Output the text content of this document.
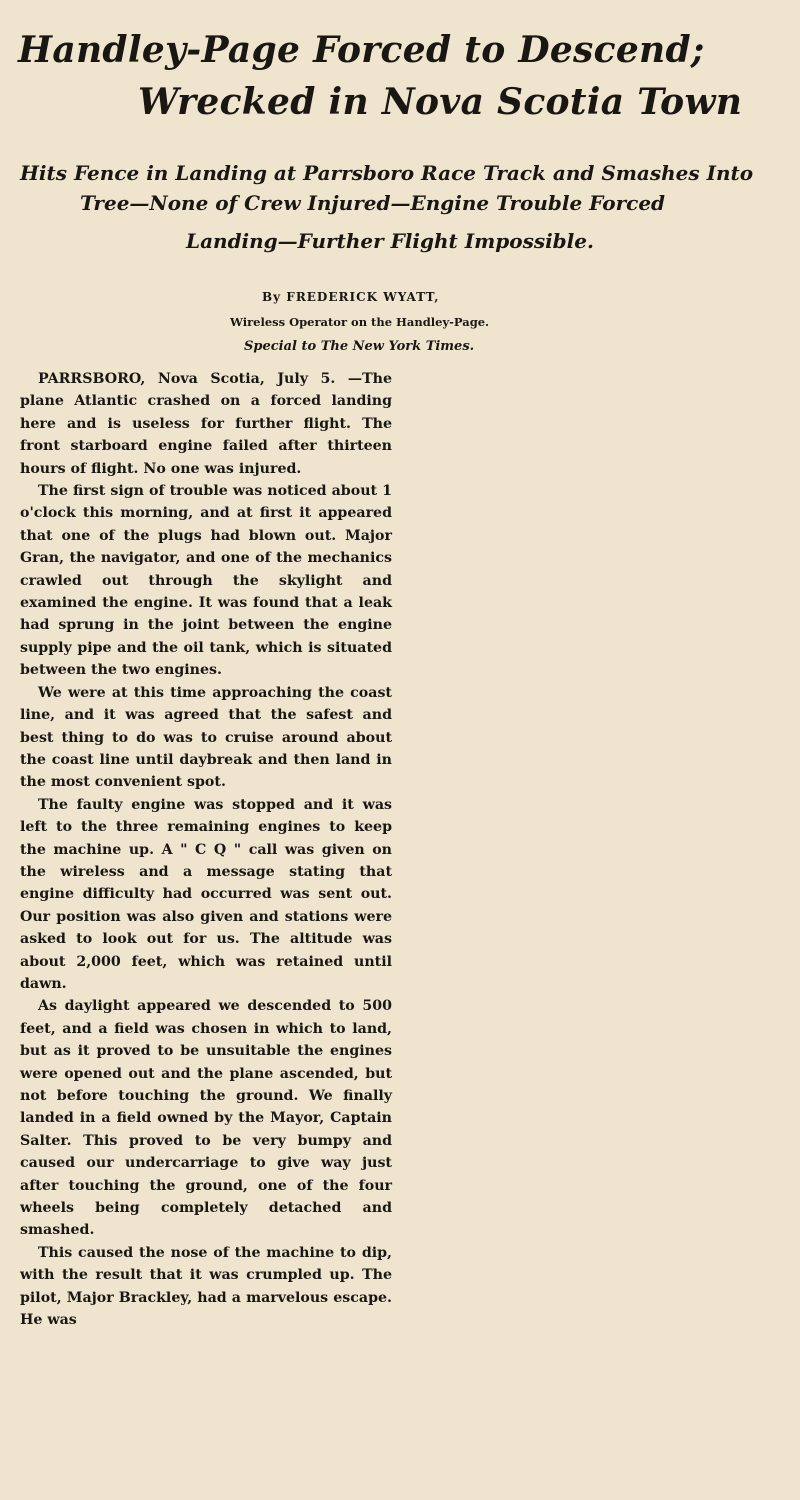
Handley-Page Forced to Descend;
Wrecked in Nova Scotia Town
Hits Fence in Landing at Parrsboro Race Track and Smashes Into
Tree—None of Crew Injured—Engine Trouble Forced
Landing—Further Flight Impossible.
By FREDERICK WYATT,
Wireless Operator on the Handley-Page.
Special to The New York Times.

PARRSBORO, Nova Scotia, July 5. —The plane Atlantic crashed on a forced landing here and is useless for further flight. The front starboard engine failed after thirteen hours of flight. No one was injured.

The first sign of trouble was noticed about 1 o'clock this morning, and at first it appeared that one of the plugs had blown out. Major Gran, the navigator, and one of the mechanics crawled out through the skylight and examined the engine. It was found that a leak had sprung in the joint between the engine supply pipe and the oil tank, which is situated between the two engines.

We were at this time approaching the coast line, and it was agreed that the safest and best thing to do was to cruise around about the coast line until daybreak and then land in the most convenient spot.

The faulty engine was stopped and it was left to the three remaining engines to keep the machine up. A " C Q " call was given on the wireless and a message stating that engine difficulty had occurred was sent out. Our position was also given and stations were asked to look out for us. The altitude was about 2,000 feet, which was retained until dawn.

As daylight appeared we descended to 500 feet, and a field was chosen in which to land, but as it proved to be unsuitable the engines were opened out and the plane ascended, but not before touching the ground. We finally landed in a field owned by the Mayor, Captain Salter. This proved to be very bumpy and caused our undercarriage to give way just after touching the ground, one of the four wheels being completely detached and smashed.

This caused the nose of the machine to dip, with the result that it was crumpled up. The pilot, Major Brackley, had a marvelous escape. He was
